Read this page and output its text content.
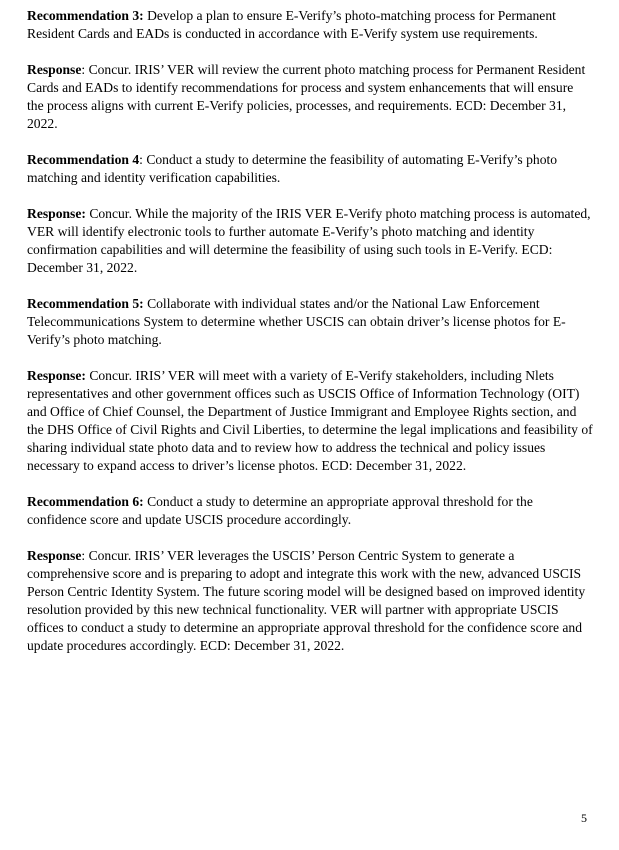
Recommendation 3: Develop a plan to ensure E-Verify’s photo-matching process for Permanent Resident Cards and EADs is conducted in accordance with E-Verify system use requirements.

Response: Concur. IRIS’ VER will review the current photo matching process for Permanent Resident Cards and EADs to identify recommendations for process and system enhancements that will ensure the process aligns with current E-Verify policies, processes, and requirements. ECD: December 31, 2022.

Recommendation 4: Conduct a study to determine the feasibility of automating E-Verify’s photo matching and identity verification capabilities.

Response: Concur. While the majority of the IRIS VER E-Verify photo matching process is automated, VER will identify electronic tools to further automate E-Verify’s photo matching and identity confirmation capabilities and will determine the feasibility of using such tools in E-Verify. ECD: December 31, 2022.

Recommendation 5: Collaborate with individual states and/or the National Law Enforcement Telecommunications System to determine whether USCIS can obtain driver’s license photos for E-Verify’s photo matching.

Response: Concur. IRIS’ VER will meet with a variety of E-Verify stakeholders, including Nlets representatives and other government offices such as USCIS Office of Information Technology (OIT) and Office of Chief Counsel, the Department of Justice Immigrant and Employee Rights section, and the DHS Office of Civil Rights and Civil Liberties, to determine the legal implications and feasibility of sharing individual state photo data and to review how to address the technical and policy issues necessary to expand access to driver’s license photos. ECD: December 31, 2022.

Recommendation 6: Conduct a study to determine an appropriate approval threshold for the confidence score and update USCIS procedure accordingly.

Response: Concur. IRIS’ VER leverages the USCIS’ Person Centric System to generate a comprehensive score and is preparing to adopt and integrate this work with the new, advanced USCIS Person Centric Identity System. The future scoring model will be designed based on improved identity resolution provided by this new technical functionality. VER will partner with appropriate USCIS offices to conduct a study to determine an appropriate approval threshold for the confidence score and update procedures accordingly. ECD: December 31, 2022.

5
